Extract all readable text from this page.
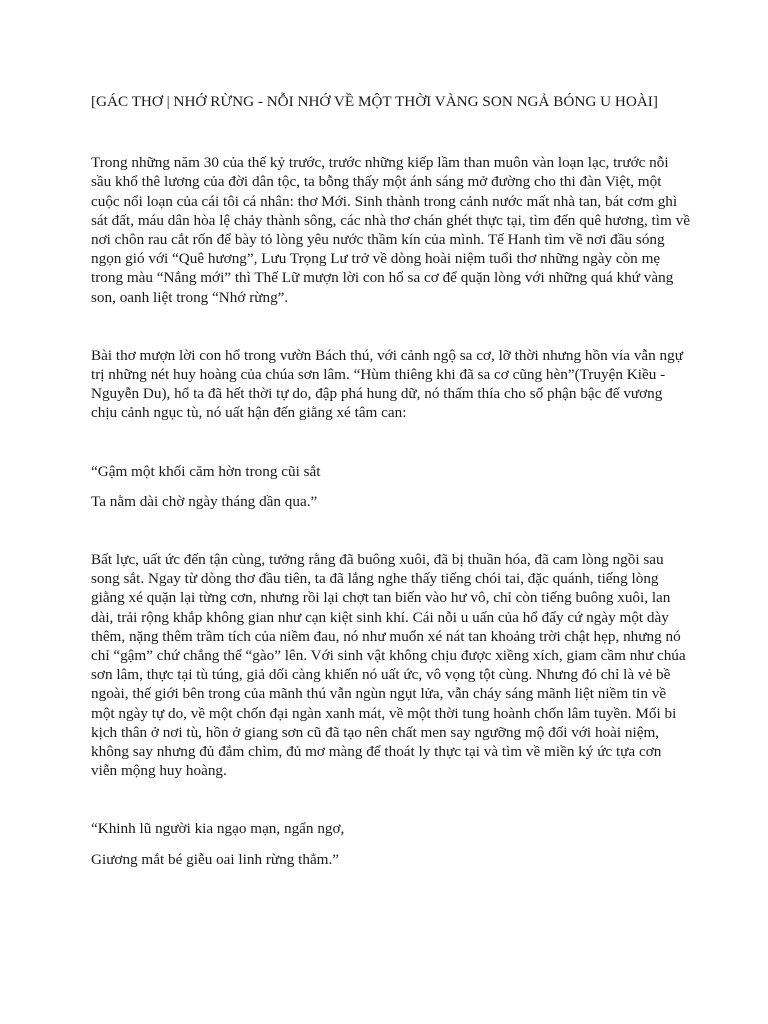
[GÁC THƠ | NHỚ RỪNG - NỖI NHỚ VỀ MỘT THỜI VÀNG SON NGẢ BÓNG U HOÀI]

Trong những năm 30 của thế kỷ trước, trước những kiếp lầm than muôn vàn loạn lạc, trước nỗi sầu khổ thê lương của đời dân tộc, ta bỗng thấy một ánh sáng mở đường cho thi đàn Việt, một cuộc nổi loạn của cái tôi cá nhân: thơ Mới. Sinh thành trong cảnh nước mất nhà tan, bát cơm ghì sát đất, máu dân hòa lệ chảy thành sông, các nhà thơ chán ghét thực tại, tìm đến quê hương, tìm về nơi chôn rau cắt rốn để bày tỏ lòng yêu nước thầm kín của mình. Tế Hanh tìm về nơi đầu sóng ngọn gió với “Quê hương”, Lưu Trọng Lư trở về dòng hoài niệm tuổi thơ những ngày còn mẹ trong màu “Nắng mới” thì Thế Lữ mượn lời con hổ sa cơ để quặn lòng với những quá khứ vàng son, oanh liệt trong “Nhớ rừng”.

Bài thơ mượn lời con hổ trong vườn Bách thú, với cảnh ngộ sa cơ, lỡ thời nhưng hồn vía vẫn ngự trị những nét huy hoàng của chúa sơn lâm. “Hùm thiêng khi đã sa cơ cũng hèn”(Truyện Kiều - Nguyễn Du), hổ ta đã hết thời tự do, đập phá hung dữ, nó thấm thía cho số phận bậc đế vương chịu cảnh ngục tù, nó uất hận đến giằng xé tâm can:

“Gậm một khối căm hờn trong cũi sắt

Ta nằm dài chờ ngày tháng dần qua.”

Bất lực, uất ức đến tận cùng, tưởng rằng đã buông xuôi, đã bị thuần hóa, đã cam lòng ngồi sau song sắt. Ngay từ dòng thơ đầu tiên, ta đã lắng nghe thấy tiếng chói tai, đặc quánh, tiếng lòng giằng xé quặn lại từng cơn, nhưng rồi lại chợt tan biến vào hư vô, chỉ còn tiếng buông xuôi, lan dài, trải rộng khắp không gian như cạn kiệt sinh khí. Cái nỗi u uấn của hổ đẩy cứ ngày một dày thêm, nặng thêm trầm tích của niềm đau, nó như muốn xé nát tan khoảng trời chật hẹp, nhưng nó chỉ “gậm” chứ chẳng thể “gào” lên. Với sinh vật không chịu được xiềng xích, giam cầm như chúa sơn lâm, thực tại tù túng, giả dối càng khiến nó uất ức, vô vọng tột cùng. Nhưng đó chỉ là vẻ bề ngoài, thế giới bên trong của mãnh thú vẫn ngùn ngụt lửa, vẫn cháy sáng mãnh liệt niềm tin về một ngày tự do, về một chốn đại ngàn xanh mát, về một thời tung hoành chốn lâm tuyền. Mối bi kịch thân ở nơi tù, hồn ở giang sơn cũ đã tạo nên chất men say ngưỡng mộ đối với hoài niệm, không say nhưng đủ đắm chìm, đủ mơ màng để thoát ly thực tại và tìm về miền ký ức tựa cơn viễn mộng huy hoàng.

“Khinh lũ người kia ngạo mạn, ngẩn ngơ,

Giương mắt bé giễu oai linh rừng thẳm.”
